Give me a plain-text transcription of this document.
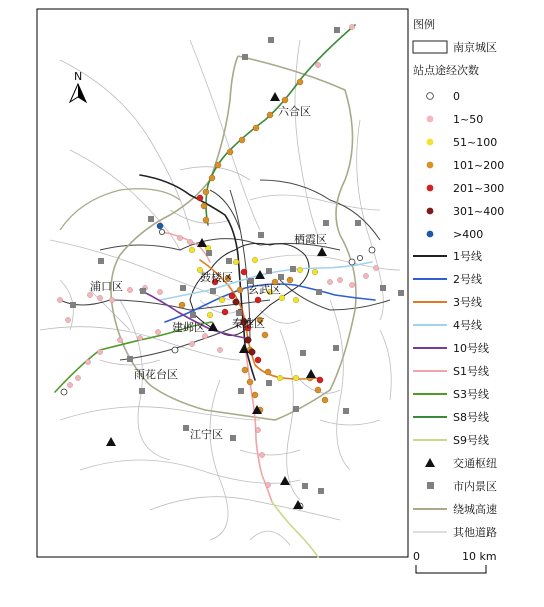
六合区
栖霞区
浦口区
鼓楼区
玄武区
建邺区 秦淮区
雨花台区
江宁区
N
图例
南京城区
站点途经次数
0
1~50
51~100
101~200
201~300
301~400
>400
1号线
2号线
3号线
4号线
10号线
S1号线
S3号线
S8号线
S9号线
交通枢纽
市内景区
绕城高速
其他道路
0	10 km
